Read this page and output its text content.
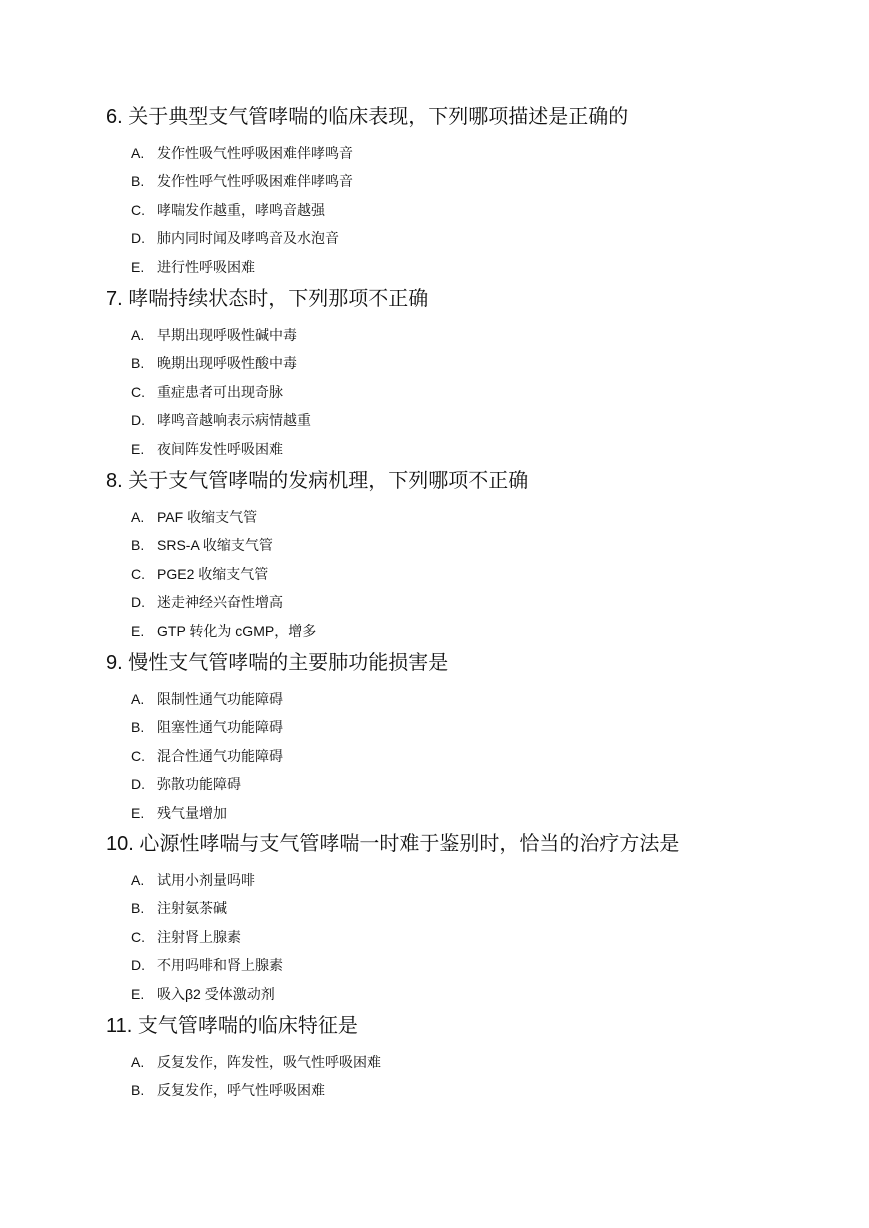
6. 关于典型支气管哮喘的临床表现，下列哪项描述是正确的
A. 发作性吸气性呼吸困难伴哮鸣音
B. 发作性呼气性呼吸困难伴哮鸣音
C. 哮喘发作越重，哮鸣音越强
D. 肺内同时闻及哮鸣音及水泡音
E. 进行性呼吸困难
7. 哮喘持续状态时，下列那项不正确
A. 早期出现呼吸性碱中毒
B. 晚期出现呼吸性酸中毒
C. 重症患者可出现奇脉
D. 哮鸣音越响表示病情越重
E. 夜间阵发性呼吸困难
8. 关于支气管哮喘的发病机理，下列哪项不正确
A. PAF 收缩支气管
B. SRS-A 收缩支气管
C. PGE2 收缩支气管
D. 迷走神经兴奋性增高
E. GTP 转化为 cGMP，增多
9. 慢性支气管哮喘的主要肺功能损害是
A. 限制性通气功能障碍
B. 阻塞性通气功能障碍
C. 混合性通气功能障碍
D. 弥散功能障碍
E. 残气量增加
10. 心源性哮喘与支气管哮喘一时难于鉴别时，恰当的治疗方法是
A. 试用小剂量吗啡
B. 注射氨茶碱
C. 注射肾上腺素
D. 不用吗啡和肾上腺素
E. 吸入β2 受体激动剂
11. 支气管哮喘的临床特征是
A. 反复发作，阵发性，吸气性呼吸困难
B. 反复发作，呼气性呼吸困难
